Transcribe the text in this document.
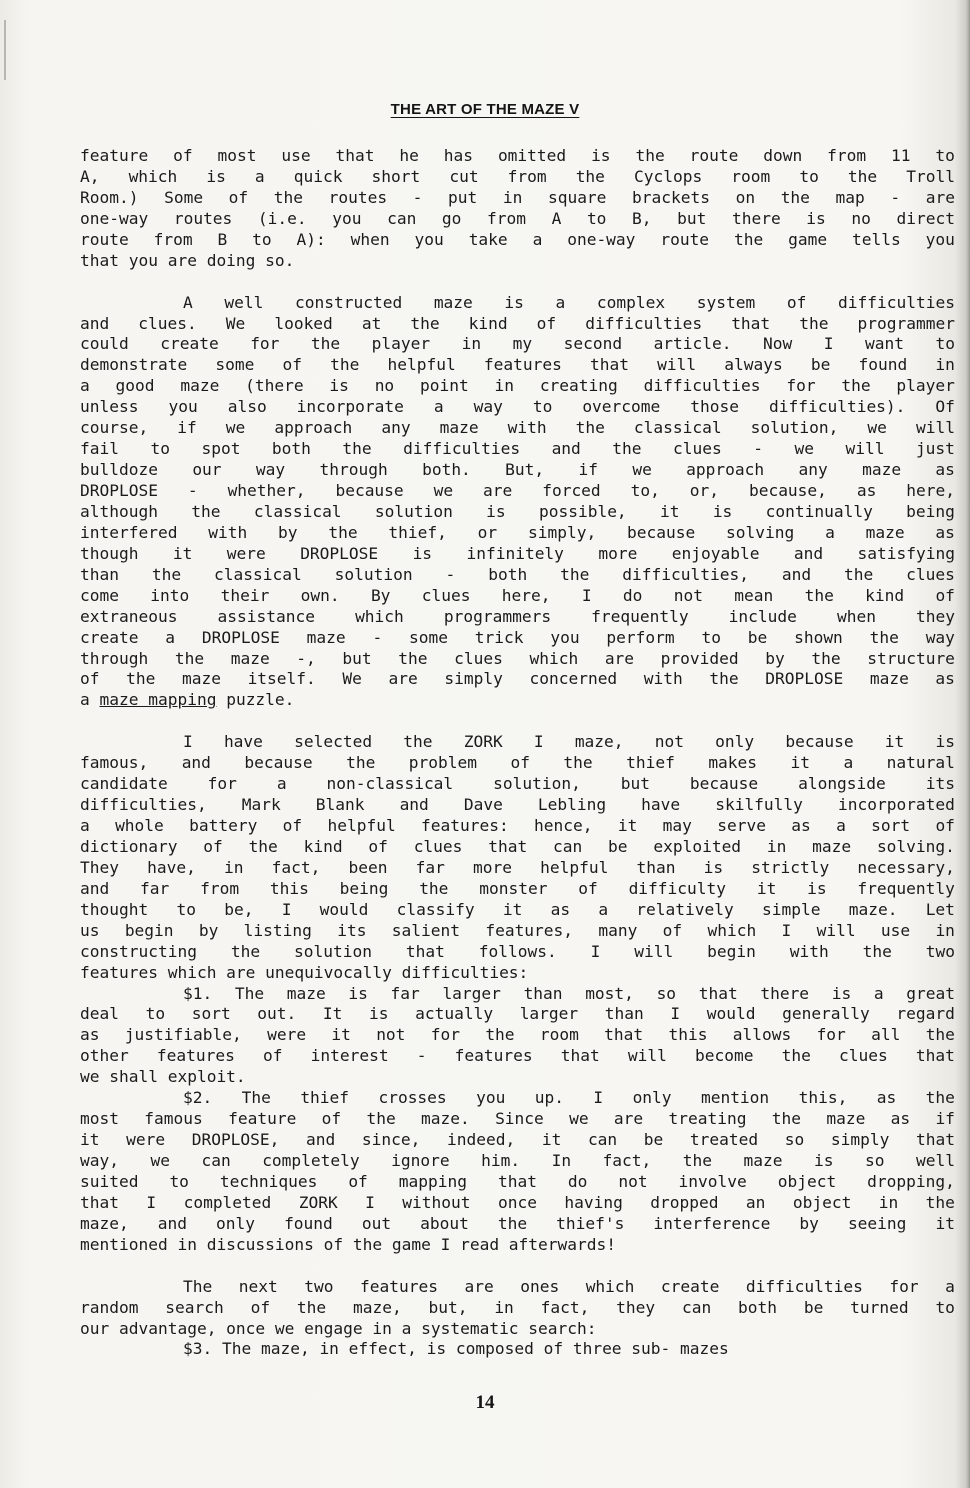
THE ART OF THE MAZE V
feature of most use that he has omitted is the route down from 11 to
A, which is a quick short cut from the Cyclops room to the Troll
Room.) Some of the routes - put in square brackets on the map - are
one-way routes (i.e. you can go from A to B, but there is no direct
route from B to A): when you take a one-way route the game tells you
that you are doing so.
A well constructed maze is a complex system of difficulties
and clues. We looked at the kind of difficulties that the programmer
could create for the player in my second article. Now I want to
demonstrate some of the helpful features that will always be found in
a good maze (there is no point in creating difficulties for the player
unless you also incorporate a way to overcome those difficulties). Of
course, if we approach any maze with the classical solution, we will
fail to spot both the difficulties and the clues - we will just
bulldoze our way through both. But, if we approach any maze as
DROPLOSE - whether, because we are forced to, or, because, as here,
although the classical solution is possible, it is continually being
interfered with by the thief, or simply, because solving a maze as
though it were DROPLOSE is infinitely more enjoyable and satisfying
than the classical solution - both the difficulties, and the clues
come into their own. By clues here, I do not mean the kind of
extraneous assistance which programmers frequently include when they
create a DROPLOSE maze - some trick you perform to be shown the way
through the maze -, but the clues which are provided by the structure
of the maze itself. We are simply concerned with the DROPLOSE maze as
a maze mapping puzzle.
I have selected the ZORK I maze, not only because it is
famous, and because the problem of the thief makes it a natural
candidate for a non-classical solution, but because alongside its
difficulties, Mark Blank and Dave Lebling have skilfully incorporated
a whole battery of helpful features: hence, it may serve as a sort of
dictionary of the kind of clues that can be exploited in maze solving.
They have, in fact, been far more helpful than is strictly necessary,
and far from this being the monster of difficulty it is frequently
thought to be, I would classify it as a relatively simple maze. Let
us begin by listing its salient features, many of which I will use in
constructing the solution that follows. I will begin with the two
features which are unequivocally difficulties:
$1. The maze is far larger than most, so that there is a great
deal to sort out. It is actually larger than I would generally regard
as justifiable, were it not for the room that this allows for all the
other features of interest - features that will become the clues that
we shall exploit.
$2. The thief crosses you up. I only mention this, as the
most famous feature of the maze. Since we are treating the maze as if
it were DROPLOSE, and since, indeed, it can be treated so simply that
way, we can completely ignore him. In fact, the maze is so well
suited to techniques of mapping that do not involve object dropping,
that I completed ZORK I without once having dropped an object in the
maze, and only found out about the thief's interference by seeing it
mentioned in discussions of the game I read afterwards!
The next two features are ones which create difficulties for a
random search of the maze, but, in fact, they can both be turned to
our advantage, once we engage in a systematic search:
$3. The maze, in effect, is composed of three sub- mazes
14
